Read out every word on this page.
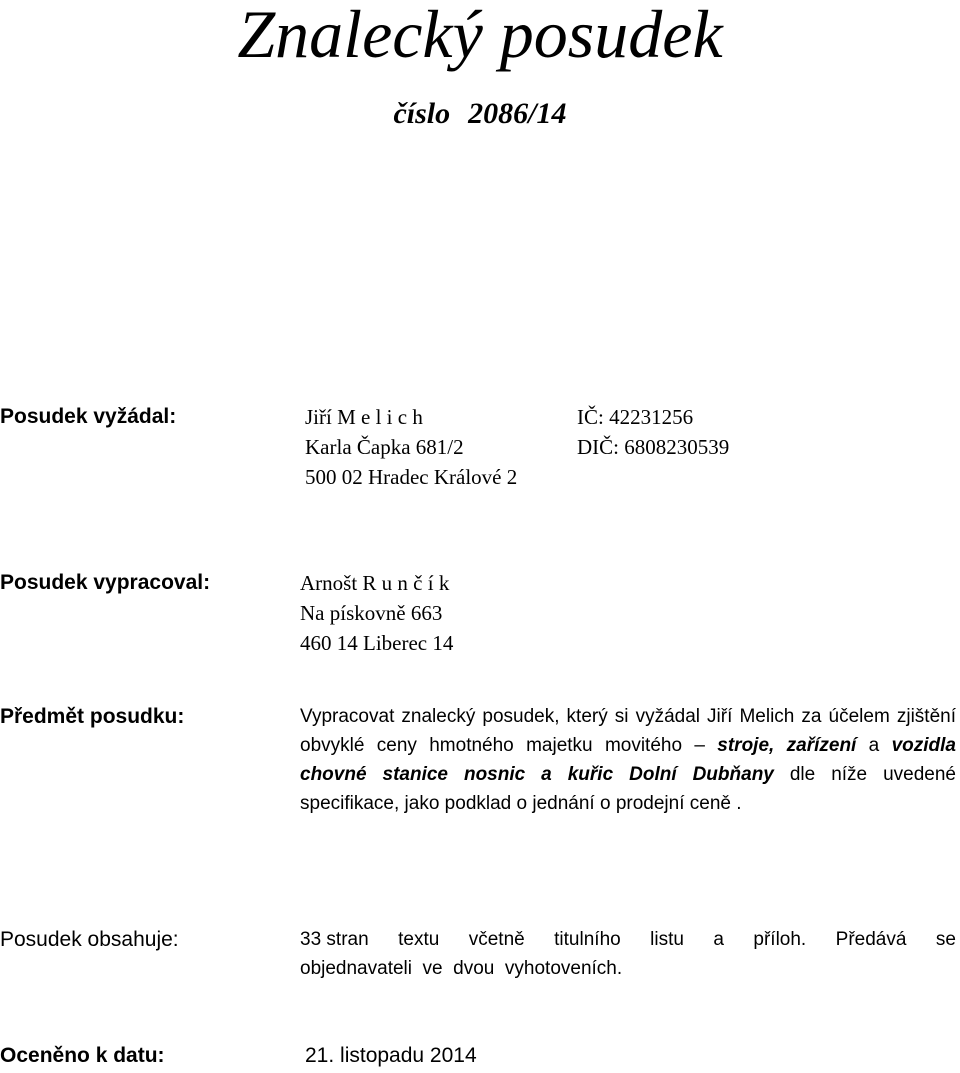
Znalecký posudek
číslo 2086/14
Posudek vyžádal:	Jiří M e l i c h
Karla Čapka 681/2
500 02 Hradec Králové 2
IČ: 42231256
DIČ: 6808230539
Posudek vypracoval:	Arnošt R u n č í k
Na pískovně 663
460 14 Liberec 14
Předmět posudku:	Vypracovat znalecký posudek, který si vyžádal Jiří Melich za účelem zjištění obvyklé ceny hmotného majetku movitého – stroje, zařízení a vozidla chovné stanice nosnic a kuřic Dolní Dubňany dle níže uvedené specifikace, jako podklad o jednání o prodejní ceně .
Posudek obsahuje:	33 stran textu včetně titulního listu a příloh. Předává se
objednavateli  ve  dvou  vyhotoveních.
Oceněno k datu:	21. listopadu 2014
